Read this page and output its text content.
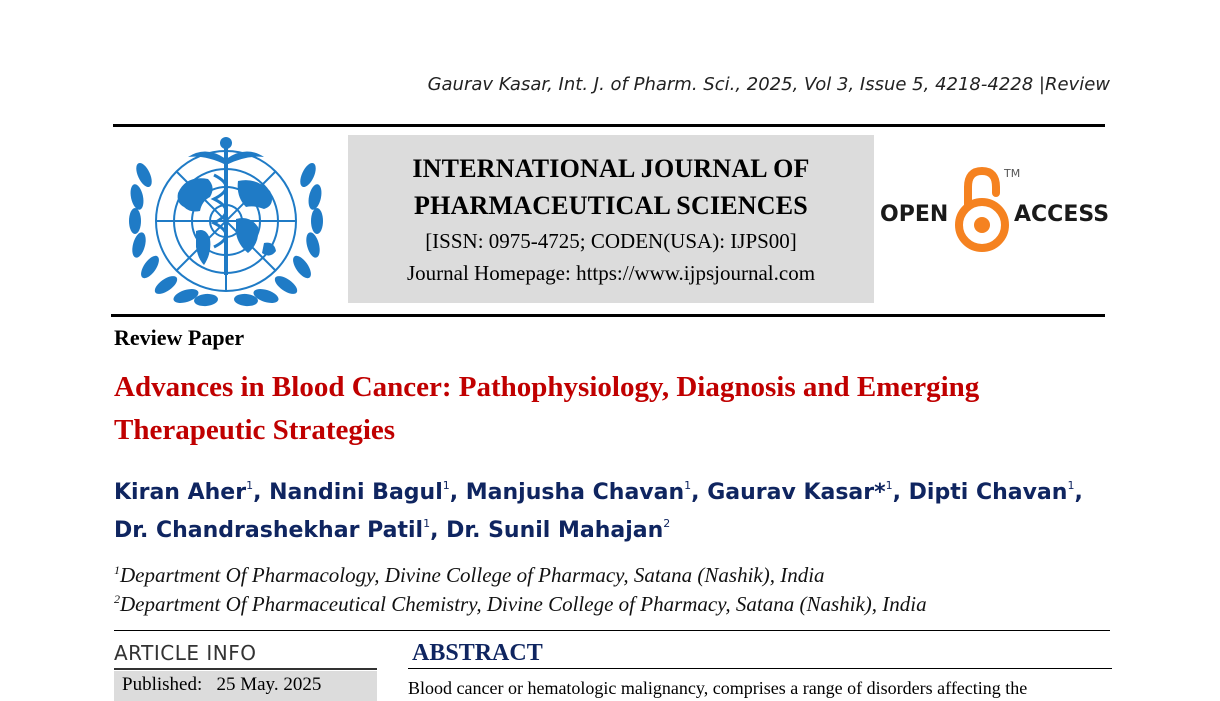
Gaurav Kasar, Int. J. of Pharm. Sci., 2025, Vol 3, Issue 5, 4218-4228 |Review
INTERNATIONAL JOURNAL OF
PHARMACEUTICAL SCIENCES
[ISSN: 0975-4725; CODEN(USA): IJPS00]
Journal Homepage: https://www.ijpsjournal.com
OPEN
TM
ACCESS
Review Paper
Advances in Blood Cancer: Pathophysiology, Diagnosis and Emerging
Therapeutic Strategies
Kiran Aher$^1$, Nandini Bagul$^1$, Manjusha Chavan$^1$, Gaurav Kasar*$^1$, Dipti Chavan$^1$,
Dr. Chandrashekhar Patil$^1$, Dr. Sunil Mahajan$^2$
$^1$Department Of Pharmacology, Divine College of Pharmacy, Satana (Nashik), India
$^2$Department Of Pharmaceutical Chemistry, Divine College of Pharmacy, Satana (Nashik), India
ARTICLE INFO
Published: 25 May. 2025
ABSTRACT
Blood cancer or hematologic malignancy, comprises a range of disorders affecting the
